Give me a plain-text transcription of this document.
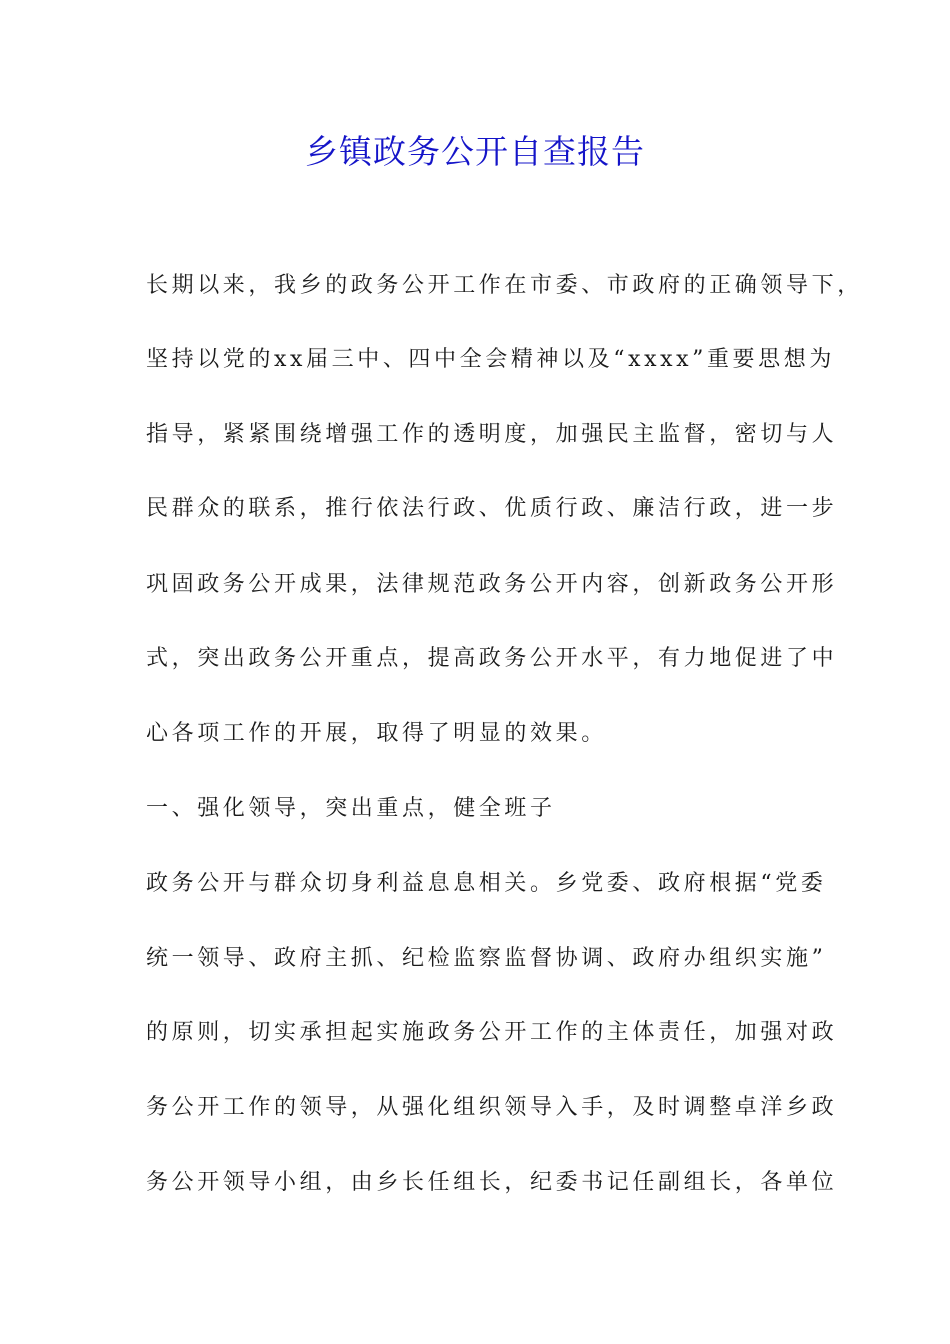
乡镇政务公开自查报告
长期以来，我乡的政务公开工作在市委、市政府的正确领导下，
坚持以党的xx届三中、四中全会精神以及“xxxx”重要思想为
指导，紧紧围绕增强工作的透明度，加强民主监督，密切与人
民群众的联系，推行依法行政、优质行政、廉洁行政，进一步
巩固政务公开成果，法律规范政务公开内容，创新政务公开形
式，突出政务公开重点，提高政务公开水平，有力地促进了中
心各项工作的开展，取得了明显的效果。
一、强化领导，突出重点，健全班子
政务公开与群众切身利益息息相关。乡党委、政府根据“党委
统一领导、政府主抓、纪检监察监督协调、政府办组织实施”
的原则，切实承担起实施政务公开工作的主体责任，加强对政
务公开工作的领导，从强化组织领导入手，及时调整卓洋乡政
务公开领导小组，由乡长任组长，纪委书记任副组长，各单位
